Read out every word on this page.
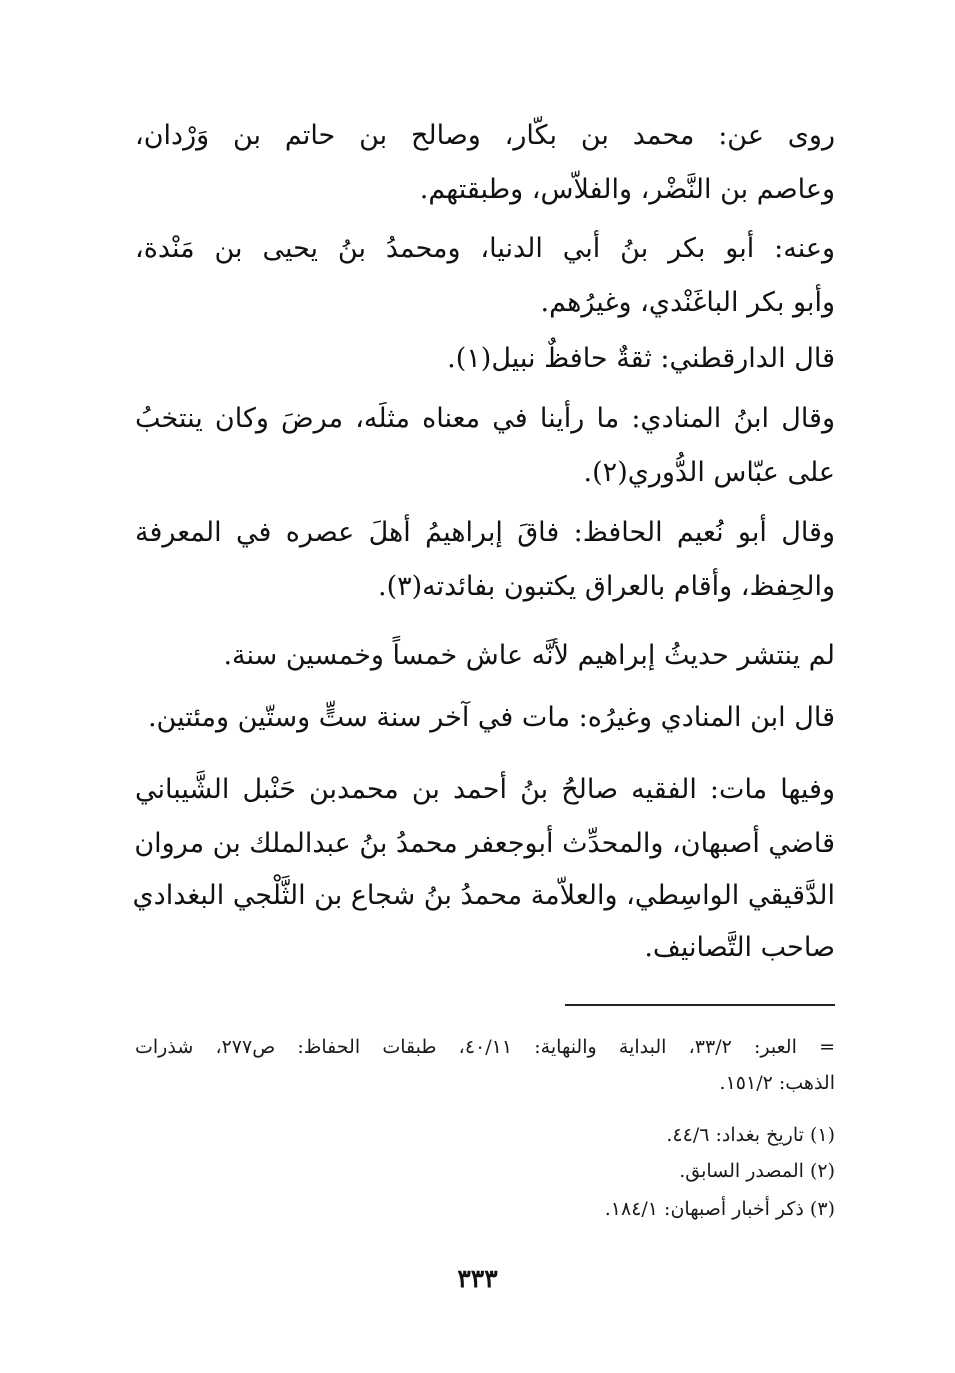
روى عن: محمد بن بكّار، وصالح بن حاتم بن وَرْدان،
وعاصم بن النَّضْر، والفلاّس، وطبقتهم.
وعنه: أبو بكر بنُ أبي الدنيا، ومحمدُ بنُ يحيى بن مَنْدة،
وأبو بكر الباغَنْدي، وغيرُهم.
قال الدارقطني: ثقةٌ حافظٌ نبيل(١).
وقال ابنُ المنادي: ما رأينا في معناه مثلَه، مرضَ وكان ينتخبُ
على عبّاس الدُّوري(٢).
وقال أبو نُعيم الحافظ: فاقَ إبراهيمُ أهلَ عصره في المعرفة
والحِفظ، وأقام بالعراق يكتبون بفائدته(٣).
لم ينتشر حديثُ إبراهيم لأنَّه عاش خمساً وخمسين سنة.
قال ابن المنادي وغيرُه: مات في آخر سنة ستٍّ وستّين ومئتين.
وفيها مات: الفقيه صالحُ بنُ أحمد بن محمدبن حَنْبل الشَّيباني
قاضي أصبهان، والمحدِّث أبوجعفر محمدُ بنُ عبدالملك بن مروان
الدَّقيقي الواسِطي، والعلاّمة محمدُ بنُ شجاع بن الثَّلْجي البغدادي
صاحب التَّصانيف.
= العبر: ٣٣/٢، البداية والنهاية: ٤٠/١١، طبقات الحفاظ: ص٢٧٧، شذرات
الذهب: ١٥١/٢.
(١) تاريخ بغداد: ٤٤/٦.
(٢) المصدر السابق.
(٣) ذكر أخبار أصبهان: ١٨٤/١.
٣٣٣
